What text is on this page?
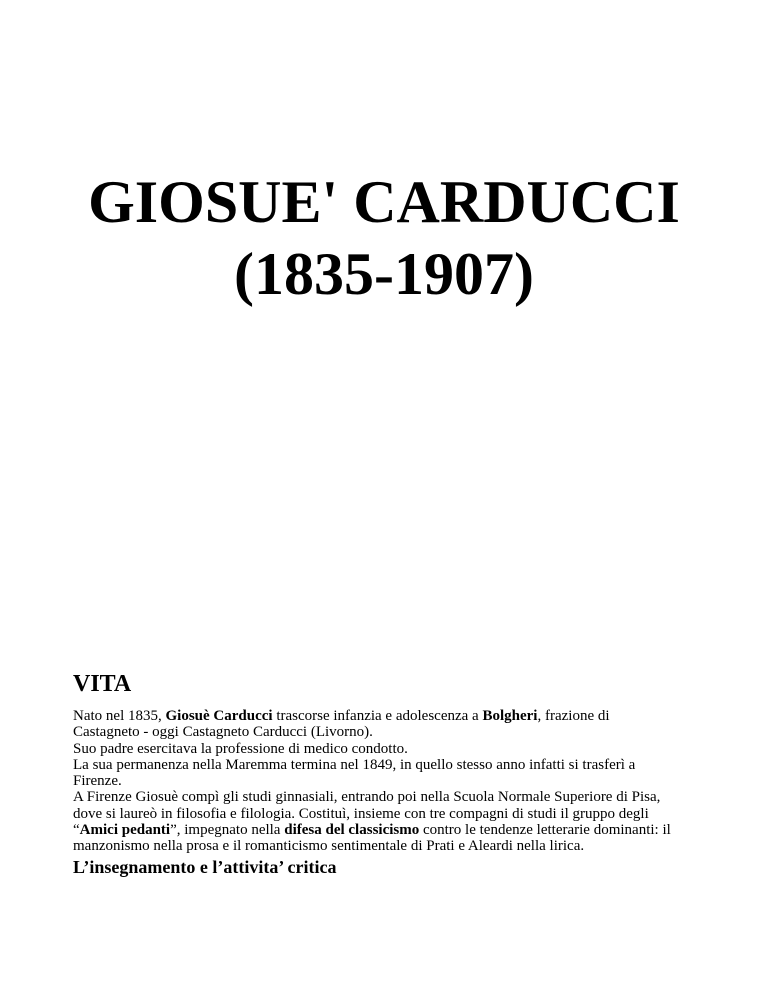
GIOSUE' CARDUCCI
(1835-1907)
VITA
Nato nel 1835, Giosuè Carducci trascorse infanzia e adolescenza a Bolgheri, frazione di
Castagneto - oggi Castagneto Carducci (Livorno).
Suo padre esercitava la professione di medico condotto.
La sua permanenza nella Maremma termina nel 1849, in quello stesso anno infatti si trasferì a
Firenze.
A Firenze Giosuè compì gli studi ginnasiali, entrando poi nella Scuola Normale Superiore di Pisa,
dove si laureò in filosofia e filologia. Costituì, insieme con tre compagni di studi il gruppo degli
“Amici pedanti”, impegnato nella difesa del classicismo contro le tendenze letterarie dominanti: il
manzonismo nella prosa e il romanticismo sentimentale di Prati e Aleardi nella lirica.
L’insegnamento e l’attivita’ critica
